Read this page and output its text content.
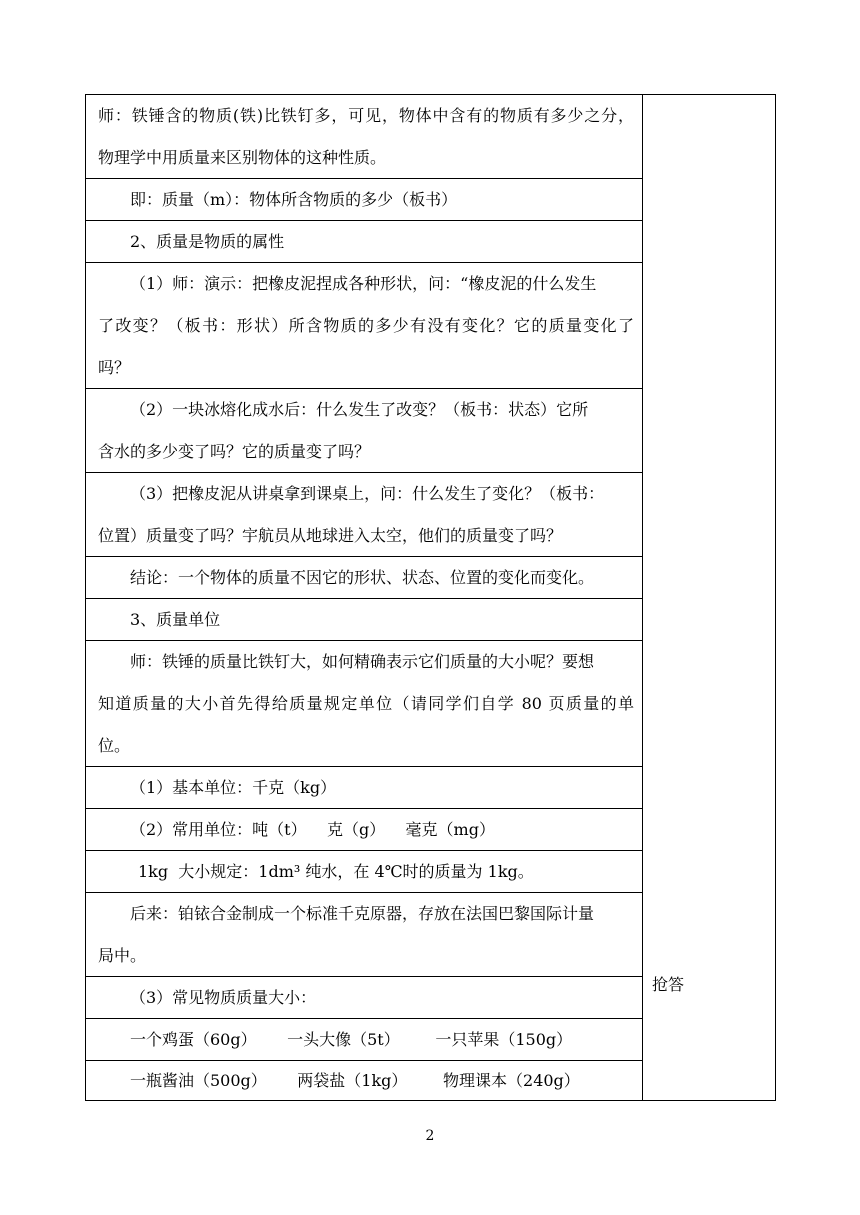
师：铁锤含的物质(铁)比铁钉多，可见，物体中含有的物质有多少之分，
物理学中用质量来区别物体的这种性质。
即：质量（m）：物体所含物质的多少（板书）
2、质量是物质的属性
（1）师：演示：把橡皮泥捏成各种形状，问：“橡皮泥的什么发生
了改变？（板书：形状）所含物质的多少有没有变化？它的质量变化了
吗？
（2）一块冰熔化成水后：什么发生了改变？（板书：状态）它所
含水的多少变了吗？它的质量变了吗？
（3）把橡皮泥从讲桌拿到课桌上，问：什么发生了变化？（板书：
位置）质量变了吗？宇航员从地球进入太空，他们的质量变了吗？
结论：一个物体的质量不因它的形状、状态、位置的变化而变化。
3、质量单位
师：铁锤的质量比铁钉大，如何精确表示它们质量的大小呢？要想
知道质量的大小首先得给质量规定单位（请同学们自学 80 页质量的单
位。
（1）基本单位：千克（kg）
（2）常用单位：吨（t）    克（g）    毫克（mg）
1kg  大小规定：1dm³ 纯水，在 4℃时的质量为 1kg。
后来：铂铱合金制成一个标准千克原器，存放在法国巴黎国际计量
局中。
（3）常见物质质量大小：
一个鸡蛋（60g）      一头大像（5t）       一只苹果（150g）
一瓶酱油（500g）      两袋盐（1kg）       物理课本（240g）
抢答
2
